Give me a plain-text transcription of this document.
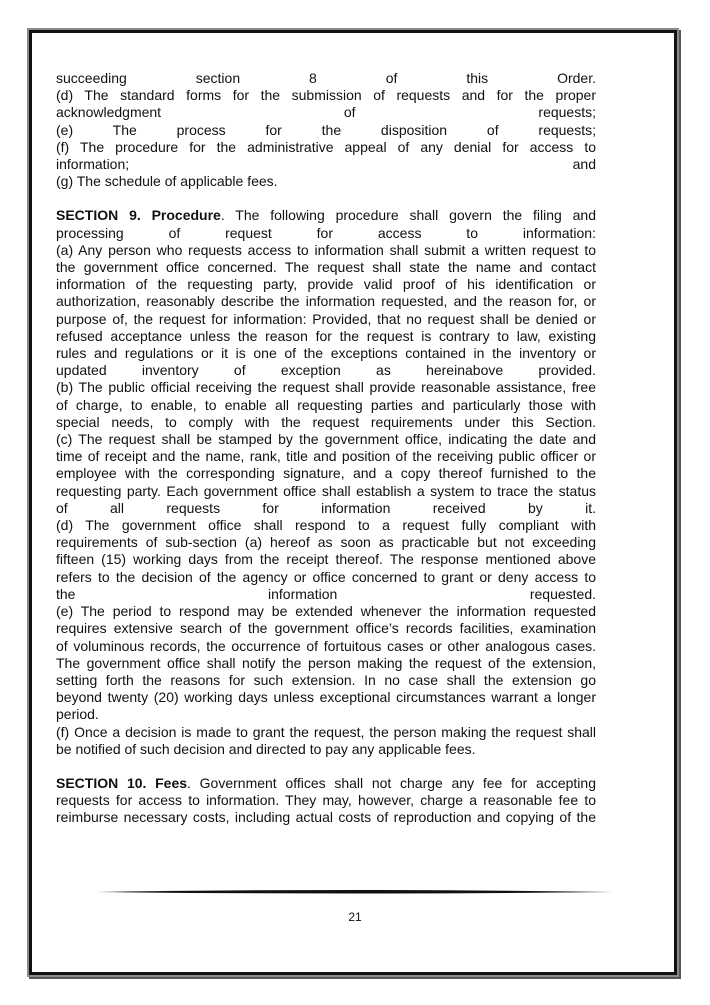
succeeding section 8 of this Order.
(d) The standard forms for the submission of requests and for the proper
acknowledgment of requests;
(e) The process for the disposition of requests;
(f) The procedure for the administrative appeal of any denial for access to
information; and
(g) The schedule of applicable fees.
SECTION 9. Procedure. The following procedure shall govern the filing and
processing of request for access to information:
(a) Any person who requests access to information shall submit a written request to
the government office concerned. The request shall state the name and contact
information of the requesting party, provide valid proof of his identification or
authorization, reasonably describe the information requested, and the reason for, or
purpose of, the request for information: Provided, that no request shall be denied or
refused acceptance unless the reason for the request is contrary to law, existing
rules and regulations or it is one of the exceptions contained in the inventory or
updated inventory of exception as hereinabove provided.
(b) The public official receiving the request shall provide reasonable assistance, free
of charge, to enable, to enable all requesting parties and particularly those with
special needs, to comply with the request requirements under this Section.
(c) The request shall be stamped by the government office, indicating the date and
time of receipt and the name, rank, title and position of the receiving public officer or
employee with the corresponding signature, and a copy thereof furnished to the
requesting party. Each government office shall establish a system to trace the status
of all requests for information received by it.
(d) The government office shall respond to a request fully compliant with
requirements of sub-section (a) hereof as soon as practicable but not exceeding
fifteen (15) working days from the receipt thereof. The response mentioned above
refers to the decision of the agency or office concerned to grant or deny access to
the information requested.
(e) The period to respond may be extended whenever the information requested
requires extensive search of the government office’s records facilities, examination
of voluminous records, the occurrence of fortuitous cases or other analogous cases.
The government office shall notify the person making the request of the extension,
setting forth the reasons for such extension. In no case shall the extension go
beyond twenty (20) working days unless exceptional circumstances warrant a longer
period.
(f) Once a decision is made to grant the request, the person making the request shall
be notified of such decision and directed to pay any applicable fees.
SECTION 10. Fees. Government offices shall not charge any fee for accepting
requests for access to information. They may, however, charge a reasonable fee to
reimburse necessary costs, including actual costs of reproduction and copying of the
21
